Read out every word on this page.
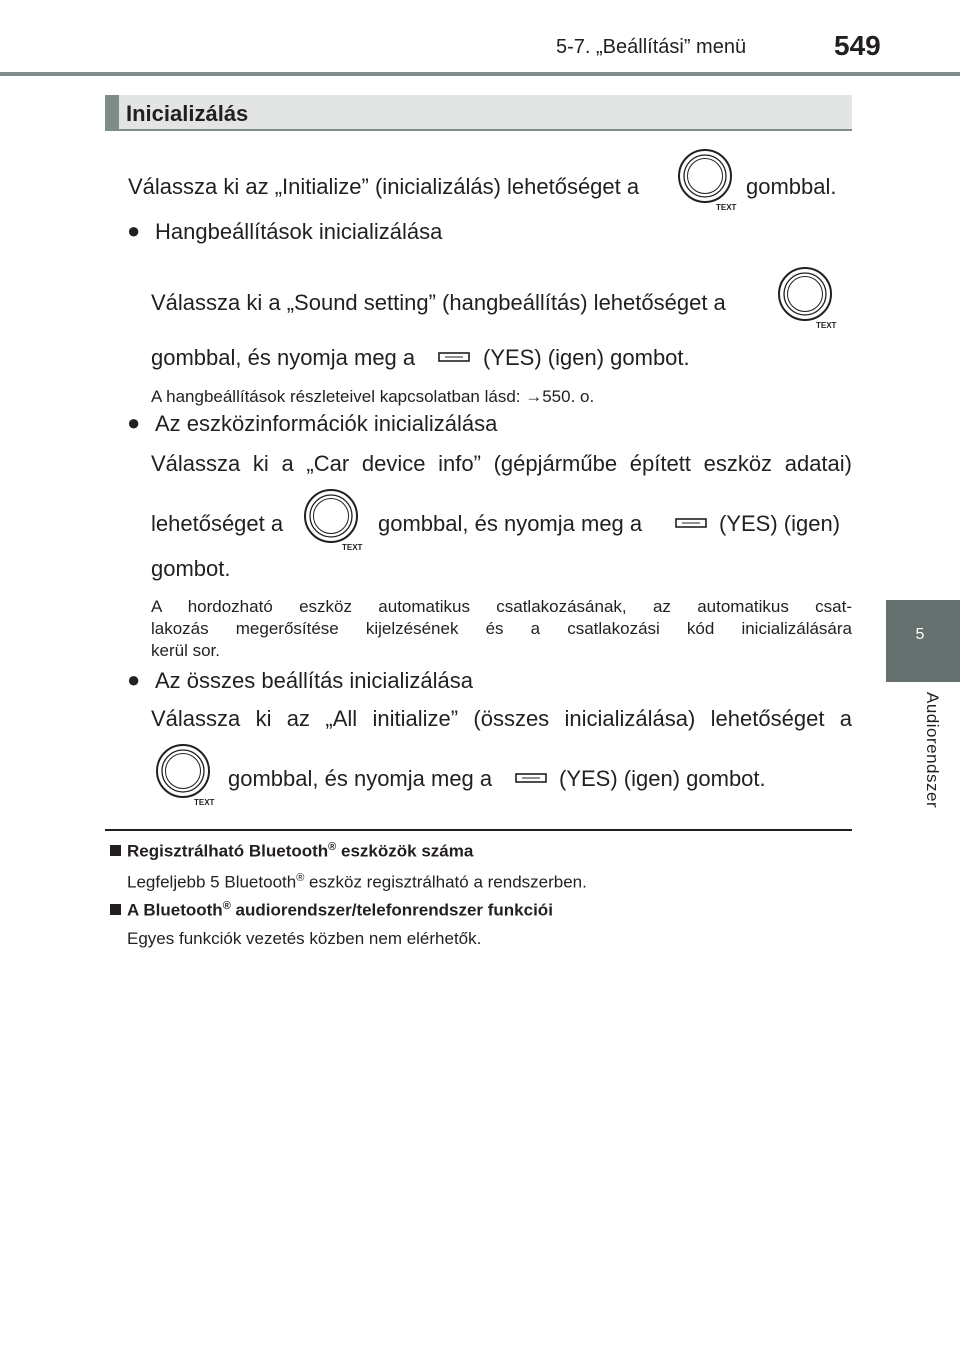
5-7. „Beállítási” menü	549
5
Audiorendszer
Inicializálás
Válassza ki az „Initialize” (inicializálás) lehetőséget a
TEXT
gombbal.
● Hangbeállítások inicializálása
Válassza ki a „Sound setting” (hangbeállítás) lehetőséget a
TEXT
gombbal, és nyomja meg a	(YES) (igen) gombot.
A hangbeállítások részleteivel kapcsolatban lásd: →550. o.
● Az eszközinformációk inicializálása
Válassza ki a „Car device info” (gépjárműbe épített eszköz adatai)
lehetőséget a
TEXT
gombbal, és nyomja meg a	(YES) (igen)
gombot.
A hordozható eszköz automatikus csatlakozásának, az automatikus csat-
lakozás megerősítése kijelzésének és a csatlakozási kód inicializálására
kerül sor.
● Az összes beállítás inicializálása
Válassza ki az „All initialize” (összes inicializálása) lehetőséget a
TEXT
gombbal, és nyomja meg a	(YES) (igen) gombot.
Regisztrálható Bluetooth® eszközök száma
Legfeljebb 5 Bluetooth® eszköz regisztrálható a rendszerben.
A Bluetooth® audiorendszer/telefonrendszer funkciói
Egyes funkciók vezetés közben nem elérhetők.
